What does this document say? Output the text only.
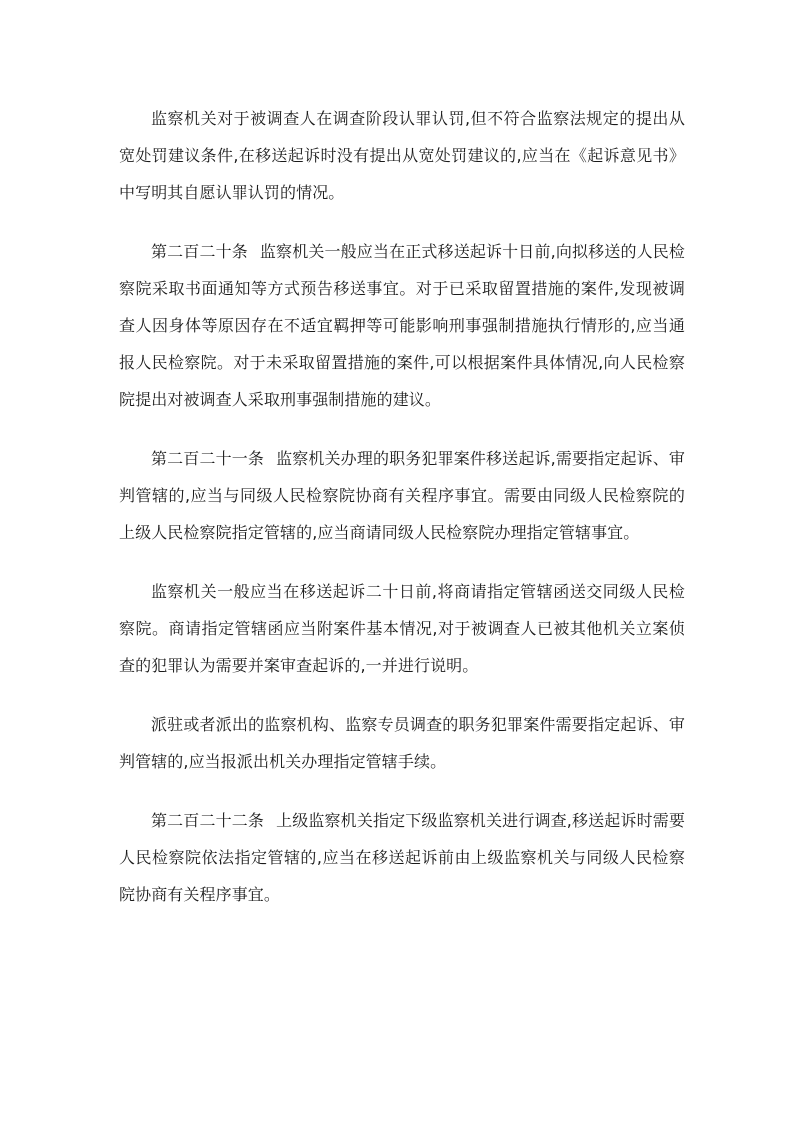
监察机关对于被调查人在调查阶段认罪认罚,但不符合监察法规定的提出从宽处罚建议条件,在移送起诉时没有提出从宽处罚建议的,应当在《起诉意见书》中写明其自愿认罪认罚的情况。

第二百二十条 监察机关一般应当在正式移送起诉十日前,向拟移送的人民检察院采取书面通知等方式预告移送事宜。对于已采取留置措施的案件,发现被调查人因身体等原因存在不适宜羁押等可能影响刑事强制措施执行情形的,应当通报人民检察院。对于未采取留置措施的案件,可以根据案件具体情况,向人民检察院提出对被调查人采取刑事强制措施的建议。

第二百二十一条 监察机关办理的职务犯罪案件移送起诉,需要指定起诉、审判管辖的,应当与同级人民检察院协商有关程序事宜。需要由同级人民检察院的上级人民检察院指定管辖的,应当商请同级人民检察院办理指定管辖事宜。

监察机关一般应当在移送起诉二十日前,将商请指定管辖函送交同级人民检察院。商请指定管辖函应当附案件基本情况,对于被调查人已被其他机关立案侦查的犯罪认为需要并案审查起诉的,一并进行说明。

派驻或者派出的监察机构、监察专员调查的职务犯罪案件需要指定起诉、审判管辖的,应当报派出机关办理指定管辖手续。

第二百二十二条 上级监察机关指定下级监察机关进行调查,移送起诉时需要人民检察院依法指定管辖的,应当在移送起诉前由上级监察机关与同级人民检察院协商有关程序事宜。
